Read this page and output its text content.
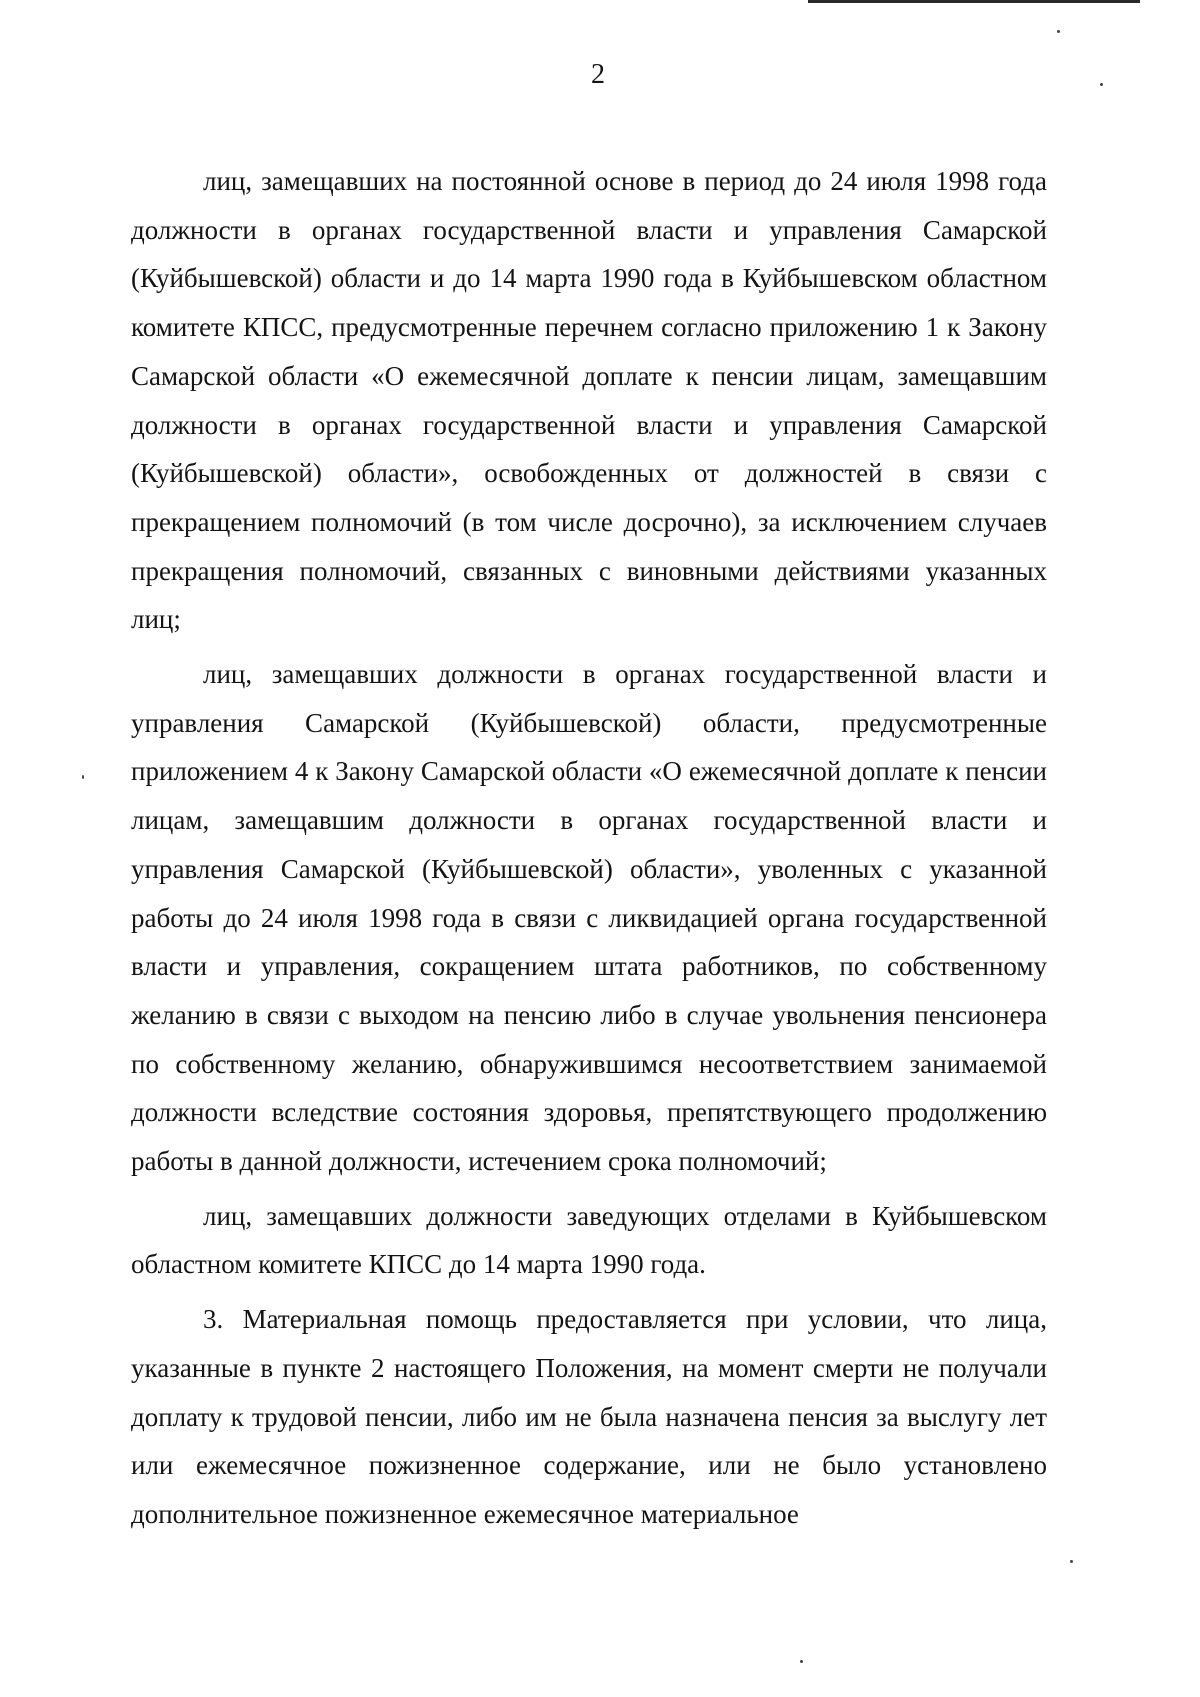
2

лиц, замещавших на постоянной основе в период до 24 июля 1998 года должности в органах государственной власти и управления Самарской (Куйбышевской) области и до 14 марта 1990 года в Куйбышевском областном комитете КПСС, предусмотренные перечнем согласно приложению 1 к Закону Самарской области «О ежемесячной доплате к пенсии лицам, замещавшим должности в органах государственной власти и управления Самарской (Куйбышевской) области», освобожденных от должностей в связи с прекращением полномочий (в том числе досрочно), за исключением случаев прекращения полномочий, связанных с виновными действиями указанных лиц;

лиц, замещавших должности в органах государственной власти и управления Самарской (Куйбышевской) области, предусмотренные приложением 4 к Закону Самарской области «О ежемесячной доплате к пенсии лицам, замещавшим должности в органах государственной власти и управления Самарской (Куйбышевской) области», уволенных с указанной работы до 24 июля 1998 года в связи с ликвидацией органа государственной власти и управления, сокращением штата работников, по собственному желанию в связи с выходом на пенсию либо в случае увольнения пенсионера по собственному желанию, обнаружившимся несоответствием занимаемой должности вследствие состояния здоровья, препятствующего продолжению работы в данной должности, истечением срока полномочий;

лиц, замещавших должности заведующих отделами в Куйбышевском областном комитете КПСС до 14 марта 1990 года.

3. Материальная помощь предоставляется при условии, что лица, указанные в пункте 2 настоящего Положения, на момент смерти не получали доплату к трудовой пенсии, либо им не была назначена пенсия за выслугу лет или ежемесячное пожизненное содержание, или не было установлено дополнительное пожизненное ежемесячное материальное
